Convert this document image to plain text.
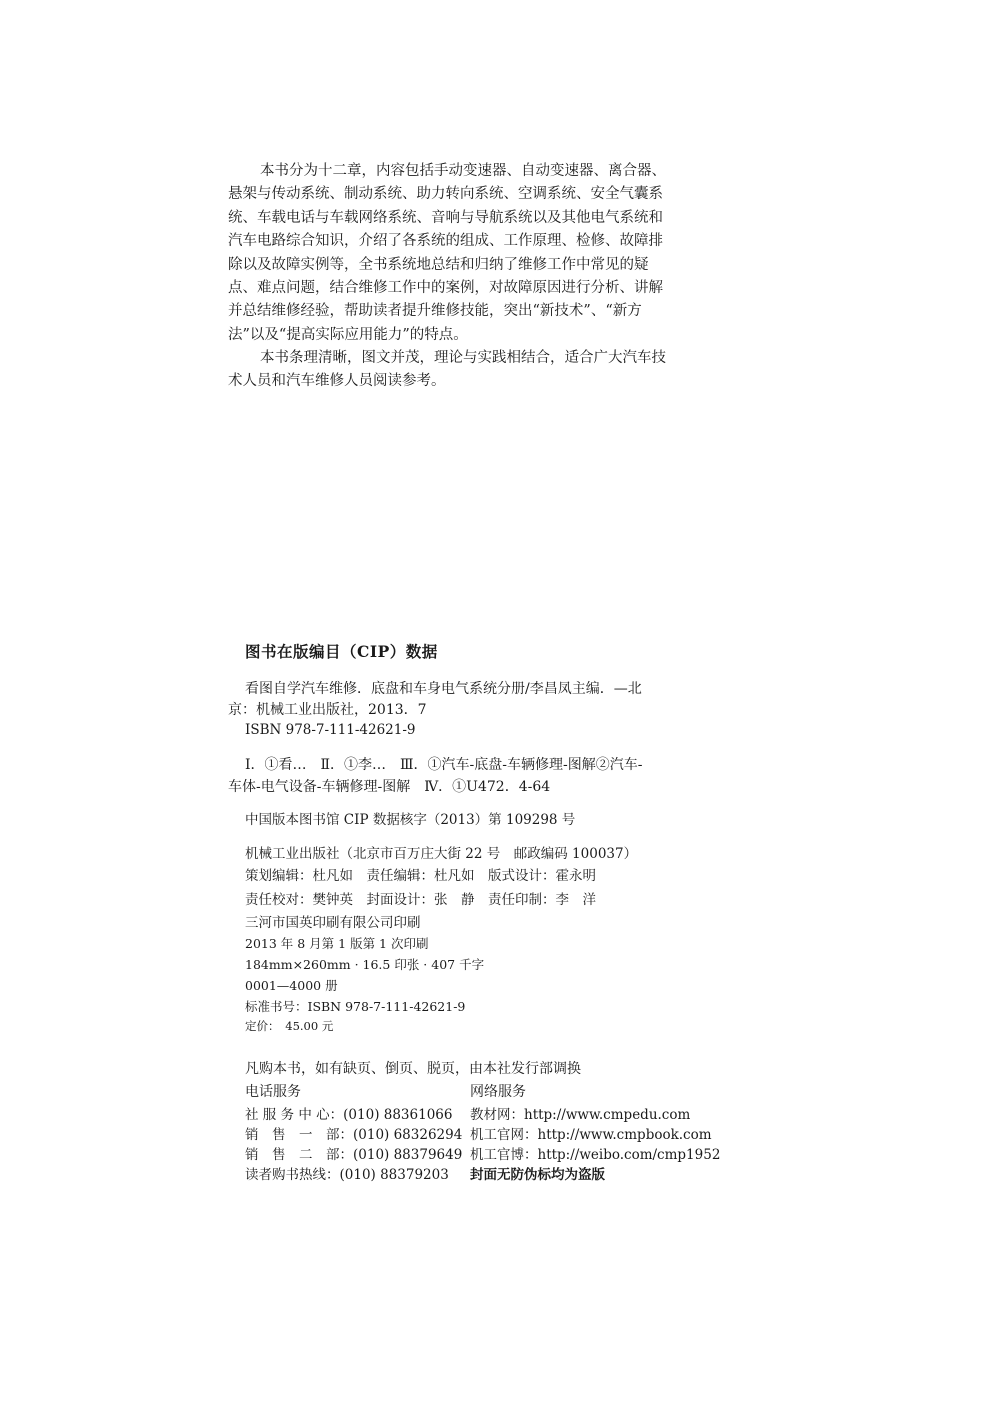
本书分为十二章，内容包括手动变速器、自动变速器、离合器、
悬架与传动系统、制动系统、助力转向系统、空调系统、安全气囊系
统、车载电话与车载网络系统、音响与导航系统以及其他电气系统和
汽车电路综合知识，介绍了各系统的组成、工作原理、检修、故障排
除以及故障实例等，全书系统地总结和归纳了维修工作中常见的疑
点、难点问题，结合维修工作中的案例，对故障原因进行分析、讲解
并总结维修经验，帮助读者提升维修技能，突出“新技术”、“新方
法”以及“提高实际应用能力”的特点。
本书条理清晰，图文并茂，理论与实践相结合，适合广大汽车技
术人员和汽车维修人员阅读参考。
图书在版编目（CIP）数据
看图自学汽车维修．底盘和车身电气系统分册/李昌凤主编．—北
京：机械工业出版社，2013．7
ISBN 978-7-111-42621-9
Ⅰ．①看…　Ⅱ．①李…　Ⅲ．①汽车-底盘-车辆修理-图解②汽车-
车体-电气设备-车辆修理-图解　Ⅳ．①U472．4-64
中国版本图书馆 CIP 数据核字（2013）第 109298 号
机械工业出版社（北京市百万庄大街 22 号　邮政编码 100037）
策划编辑：杜凡如　责任编辑：杜凡如　版式设计：霍永明
责任校对：樊钟英　封面设计：张　静　责任印制：李　洋
三河市国英印刷有限公司印刷
2013 年 8 月第 1 版第 1 次印刷
184mm×260mm · 16.5 印张 · 407 千字
0001—4000 册
标准书号：ISBN 978-7-111-42621-9
定价：　45.00 元
凡购本书，如有缺页、倒页、脱页，由本社发行部调换
电话服务	网络服务
社 服 务 中 心：(010) 88361066
销　售　一　部：(010) 68326294
销　售　二　部：(010) 88379649
读者购书热线：(010) 88379203
教材网：http://www.cmpedu.com
机工官网：http://www.cmpbook.com
机工官博：http://weibo.com/cmp1952
封面无防伪标均为盗版
